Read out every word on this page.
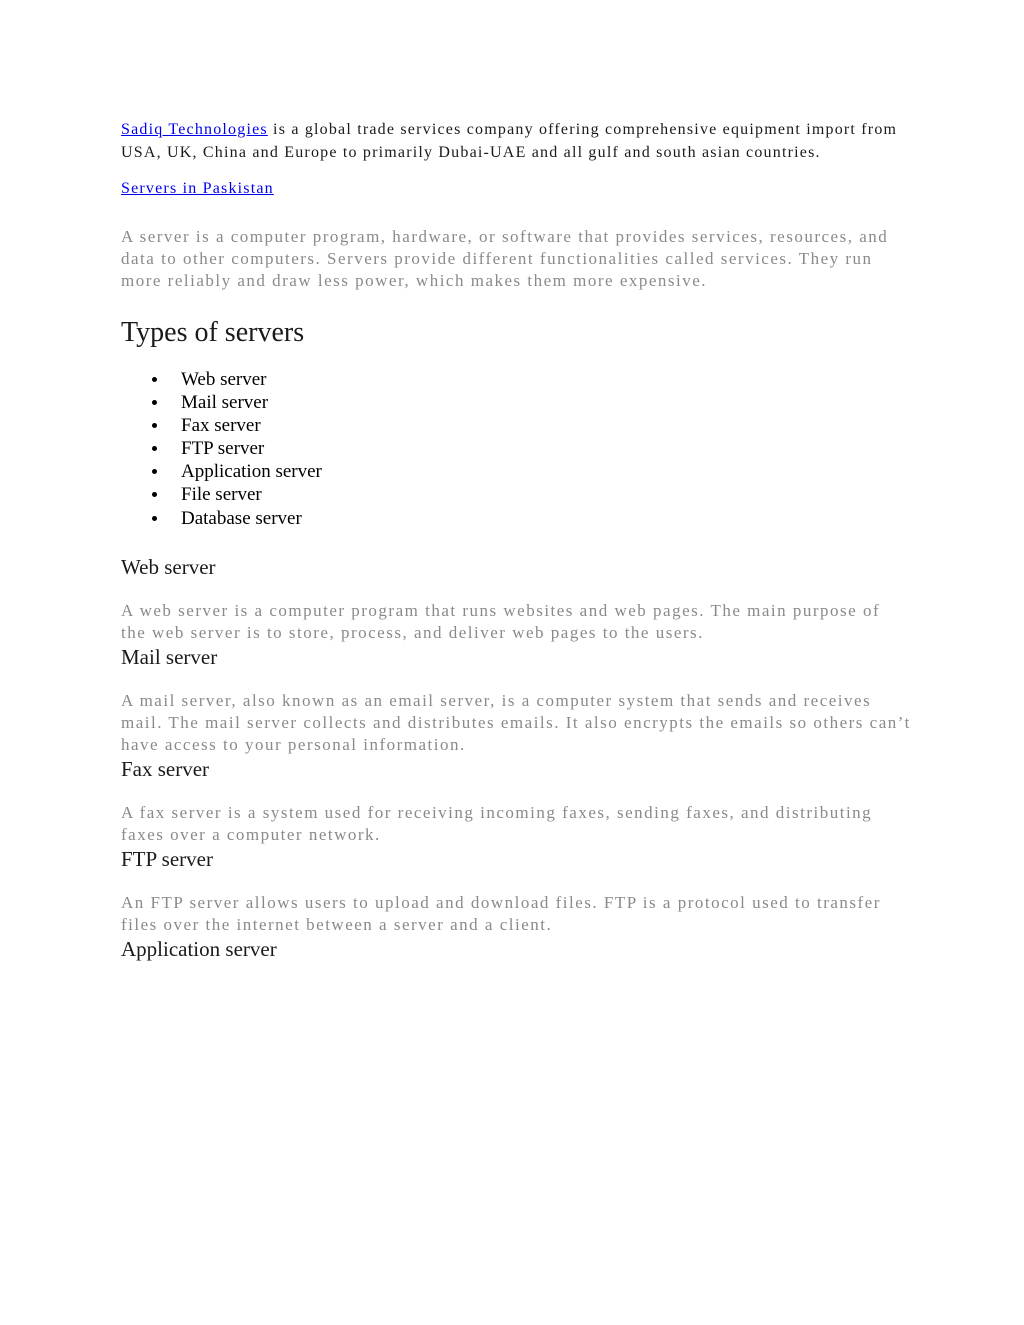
Sadiq Technologies is a global trade services company offering comprehensive equipment import from USA, UK, China and Europe to primarily Dubai-UAE and all gulf and south asian countries.

Servers in Paskistan

A server is a computer program, hardware, or software that provides services, resources, and data to other computers. Servers provide different functionalities called services. They run more reliably and draw less power, which makes them more expensive.

Types of servers
Web server
Mail server
Fax server
FTP server
Application server
File server
Database server
Web server

A web server is a computer program that runs websites and web pages. The main purpose of the web server is to store, process, and deliver web pages to the users.

Mail server

A mail server, also known as an email server, is a computer system that sends and receives mail. The mail server collects and distributes emails. It also encrypts the emails so others can’t have access to your personal information.

Fax server

A fax server is a system used for receiving incoming faxes, sending faxes, and distributing faxes over a computer network.

FTP server

An FTP server allows users to upload and download files. FTP is a protocol used to transfer files over the internet between a server and a client.

Application server
